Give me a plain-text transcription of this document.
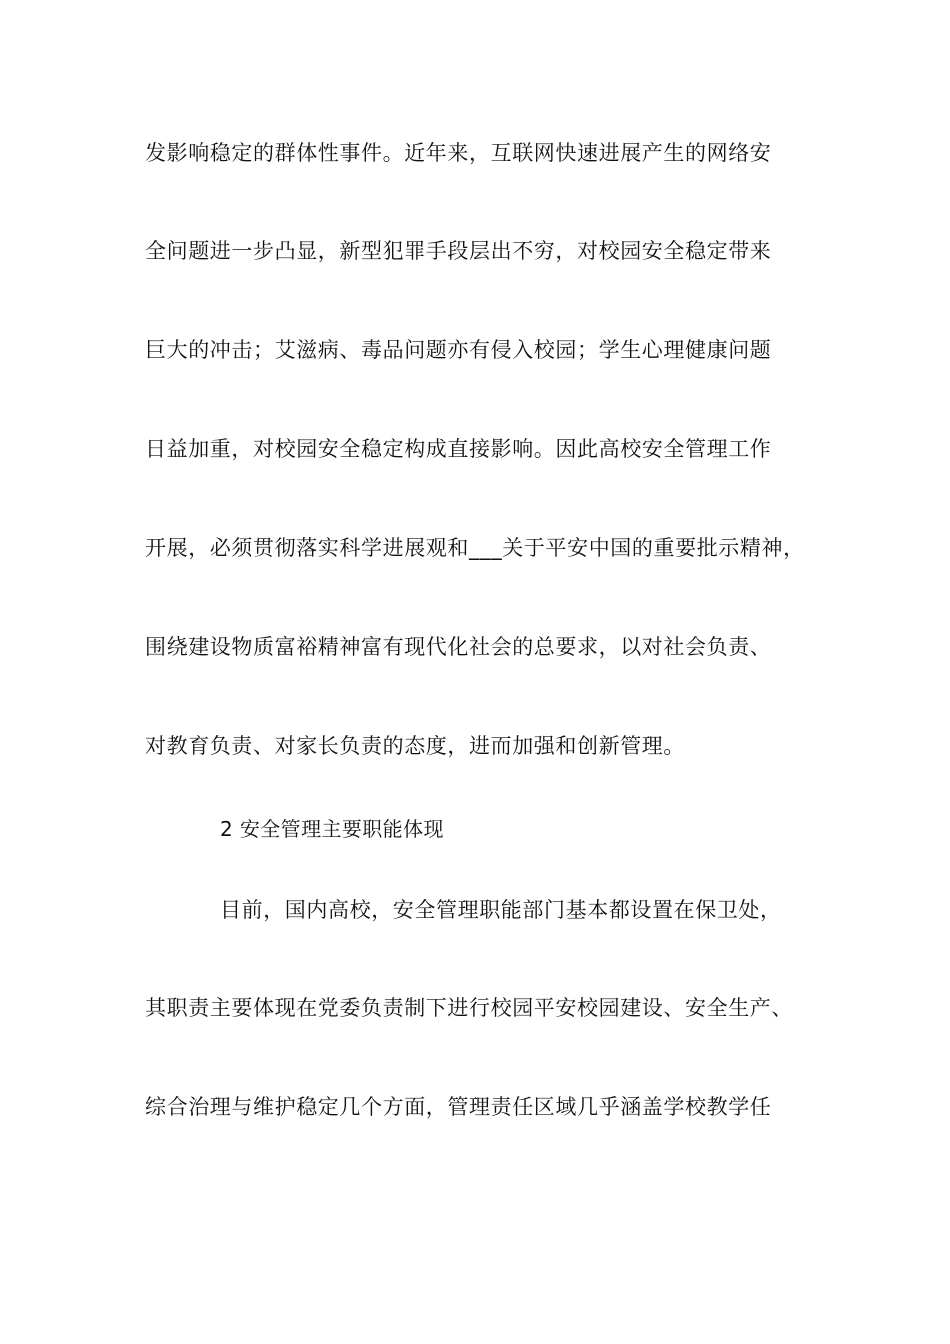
发影响稳定的群体性事件。近年来，互联网快速进展产生的网络安
全问题进一步凸显，新型犯罪手段层出不穷，对校园安全稳定带来
巨大的冲击；艾滋病、毒品问题亦有侵入校园；学生心理健康问题
日益加重，对校园安全稳定构成直接影响。因此高校安全管理工作
开展，必须贯彻落实科学进展观和___关于平安中国的重要批示精神，
围绕建设物质富裕精神富有现代化社会的总要求，以对社会负责、
对教育负责、对家长负责的态度，进而加强和创新管理。
2 安全管理主要职能体现
目前，国内高校，安全管理职能部门基本都设置在保卫处，
其职责主要体现在党委负责制下进行校园平安校园建设、安全生产、
综合治理与维护稳定几个方面，管理责任区域几乎涵盖学校教学任
